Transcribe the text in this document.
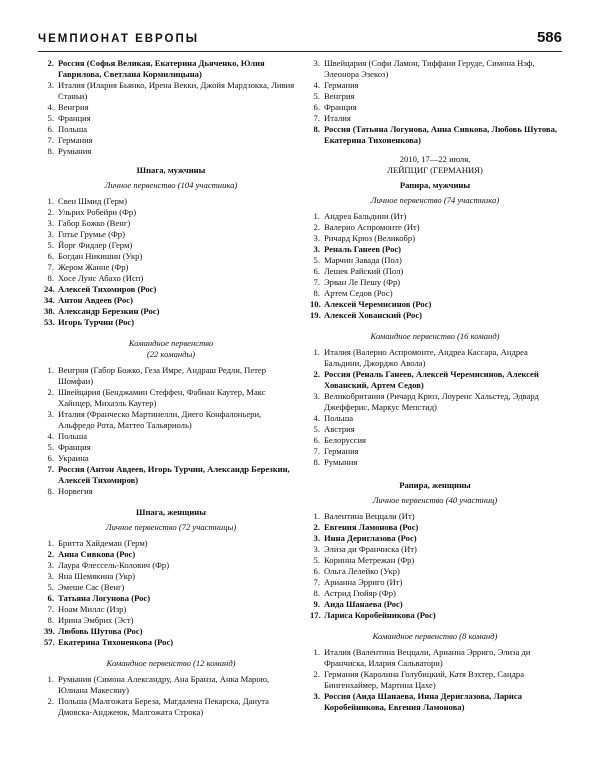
ЧЕМПИОНАТ ЕВРОПЫ	586
2. Россия (Софья Великая, Екатерина Дьяченко, Юлия Гаврилова, Светлана Кормилицына)
3. Италия (Илария Бьянко, Ирена Векки, Джойя Мардзокка, Ливия Станьи)
4. Венгрия
5. Франция
6. Польша
7. Германия
8. Румыния
Шпага, мужчины
Личное первенство (104 участника)
1. Свен Шмид (Герм)
2. Ульрих Робейри (Фр)
3. Габор Божко (Венг)
3. Готье Грумье (Фр)
5. Йорг Фидлер (Герм)
6. Богдан Никишин (Укр)
7. Жером Жанне (Фр)
8. Хосе Луис Абахо (Исп)
24. Алексей Тихомиров (Рос)
34. Антон Авдеев (Рос)
38. Александр Березкин (Рос)
53. Игорь Турчин (Рос)
Командное первенство
(22 команды)
1. Венгрия (Габор Божко, Геза Имре, Андраш Редли, Петер Шомфаи)
2. Швейцария (Бенджамин Стеффен, Фабиан Каутер, Макс Хайнцер, Михаэль Каутер)
3. Италия (Франческо Мартинелли, Диего Конфалоньери, Альфредо Рота, Маттео Тальяриоль)
4. Польша
5. Франция
6. Украина
7. Россия (Антон Авдеев, Игорь Турчин, Александр Березкин, Алексей Тихомиров)
8. Норвегия
Шпага, женщины
Личное первенство (72 участницы)
1. Бритта Хайдеман (Герм)
2. Анна Сивкова (Рос)
3. Лаура Флессель-Колович (Фр)
3. Яна Шемякина (Укр)
5. Эмеше Сас (Венг)
6. Татьяна Логунова (Рос)
7. Ноам Миллс (Изр)
8. Ирина Эмбрих (Эст)
39. Любовь Шутова (Рос)
57. Екатерина Тихоненкова (Рос)
Командное первенство (12 команд)
1. Румыния (Симона Александру, Ана Бранза, Анка Марою, Юлиана Макесяну)
2. Польша (Малгожата Береза, Магдалена Пекарска, Данута Дмовска-Анджеюк, Малгожата Строка)
3. Швейцария (Софи Ламон, Тиффани Геруде, Симона Нэф, Элеонора Эзекоз)
4. Германия
5. Венгрия
6. Франция
7. Италия
8. Россия (Татьяна Логунова, Анна Сивкова, Любовь Шутова, Екатерина Тихоненкова)
2010, 17—22 июля,
ЛЕЙПЦИГ (ГЕРМАНИЯ)
Рапира, мужчины
Личное первенство (74 участника)
1. Андреа Бальдини (Ит)
2. Валерио Аспромонте (Ит)
3. Ричард Крюз (Великобр)
3. Реналь Ганеев (Рос)
5. Марчин Завада (Пол)
6. Лешек Райский (Пол)
7. Эрван Ле Пешу (Фр)
8. Артем Седов (Рос)
10. Алексей Черемисинов (Рос)
19. Алексей Хованский (Рос)
Командное первенство (16 команд)
1. Италия (Валерио Аспромонте, Андреа Кассара, Андреа Бальдини, Джорджо Авола)
2. Россия (Реналь Ганеев, Алексей Черемисинов, Алексей Хованский, Артем Седов)
3. Великобритания (Ричард Крюз, Лоуренс Хальстед, Эдвард Джефферис, Маркус Мепстид)
4. Польша
5. Австрия
6. Белоруссия
7. Германия
8. Румыния
Рапира, женщины
Личное первенство (40 участниц)
1. Валентина Веццали (Ит)
2. Евгения Ламонова (Рос)
3. Инна Дериглазова (Рос)
3. Элиза ди Франчиска (Ит)
5. Коринна Метрежан (Фр)
6. Ольга Лелейко (Укр)
7. Арианна Эрриго (Ит)
8. Астрид Гюйяр (Фр)
9. Аида Шанаева (Рос)
17. Лариса Коробейникова (Рос)
Командное первенство (8 команд)
1. Италия (Валентина Веццали, Арианна Эрриго, Элиза ди Франчиска, Илария Сальватори)
2. Германия (Каролина Голубицкий, Катя Вэхтер, Сандра Бингенхаймер, Мартина Цахе)
3. Россия (Аида Шанаева, Инна Дериглазова, Лариса Коробейникова, Евгения Ламонова)
